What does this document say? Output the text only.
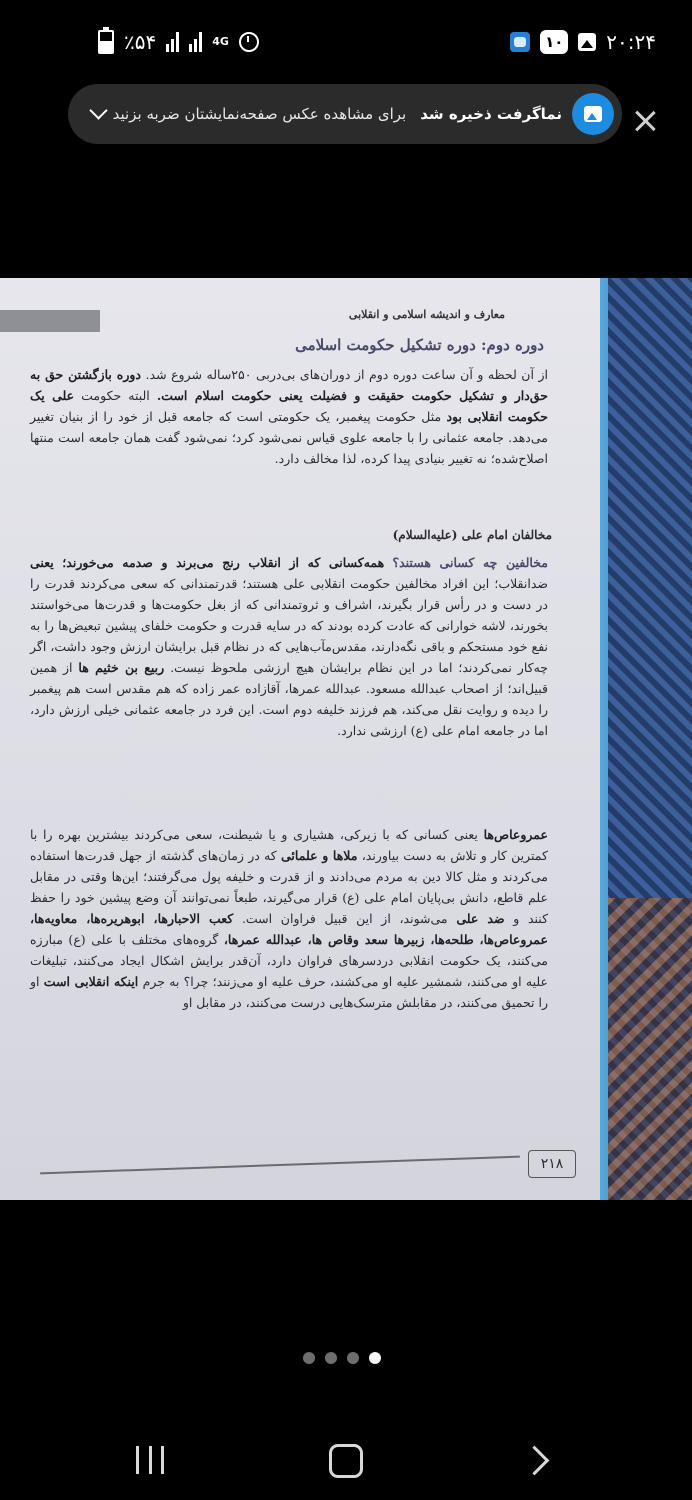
٪۵۴	4G	۱۰ ۲۰:۲۴
نماگرفت ذخیره شد
برای مشاهده عکس صفحه‌نمایشتان ضربه بزنید
معارف و اندیشه اسلامی و انقلابی
دوره دوم: دوره تشکیل حکومت اسلامی
از آن لحظه و آن ساعت دوره دوم از دوران‌های بی‌در‌بی ۲۵۰ساله شروع شد. دوره بازگشتن حق به حق‌دار و تشکیل حکومت حقیقت و فضیلت یعنی حکومت اسلام است. البته حکومت علی یک حکومت انقلابی بود مثل حکومت پیغمبر، یک حکومتی است که جامعه قبل از خود را از بنیان تغییر می‌دهد. جامعه عثمانی را با جامعه علوی قیاس نمی‌شود کرد؛ نمی‌شود گفت همان جامعه است منتها اصلاح‌شده؛ نه تغییر بنیادی پیدا کرده، لذا مخالف دارد.
مخالفان امام علی (علیه‌السلام)
مخالفین چه کسانی هستند؟ همه‌کسانی که از انقلاب رنج می‌برند و صدمه می‌خورند؛ یعنی ضدانقلاب؛ این افراد مخالفین حکومت انقلابی علی هستند؛ قدرتمندانی که سعی می‌کردند قدرت را در دست و در رأس قرار بگیرند، اشراف و ثروتمندانی که از بغل حکومت‌ها و قدرت‌ها می‌خواستند بخورند، لاشه خوارانی که عادت کرده بودند که در سایه قدرت و حکومت خلفای پیشین تبعیض‌ها را به نفع خود مستحکم و باقی نگه‌دارند، مقدس‌مآب‌هایی که در نظام قبل برایشان ارزش وجود داشت، اگر چه‌کار نمی‌کردند؛ اما در این نظام برایشان هیچ ارزشی ملحوظ نیست. ربیع بن خثیم ها از همین قبیل‌اند؛ از اصحاب عبدالله مسعود. عبدالله عمرها، آقازاده عمر زاده که هم مقدس است هم پیغمبر را دیده و روایت نقل می‌کند، هم فرزند خلیفه دوم است. این فرد در جامعه عثمانی خیلی ارزش دارد، اما در جامعه امام علی (ع) ارزشی ندارد.
عمروعاص‌ها یعنی کسانی که با زیرکی، هشیاری و یا شیطنت، سعی می‌کردند بیشترین بهره را با کمترین کار و تلاش به دست بیاورند، ملاها و علمائی که در زمان‌های گذشته از جهل قدرت‌ها استفاده می‌کردند و مثل کالا دین به مردم می‌دادند و از قدرت و خلیفه پول می‌گرفتند؛ این‌ها وقتی در مقابل علم قاطع، دانش بی‌پایان امام علی (ع) قرار می‌گیرند، طبعاً نمی‌توانند آن وضع پیشین خود را حفظ کنند و ضد علی می‌شوند، از این قبیل فراوان است. کعب الاحبارها، ابوهریره‌ها، معاویه‌ها، عمروعاص‌ها، طلحه‌ها، زبیرها سعد وقاص ها، عبدالله عمرها، گروه‌های مختلف با علی (ع) مبارزه می‌کنند، یک حکومت انقلابی دردسرهای فراوان دارد، آن‌قدر برایش اشکال ایجاد می‌کنند، تبلیغات علیه او می‌کنند، شمشیر علیه او می‌کشند، حرف علیه او می‌زنند؛ چرا؟ به جرم اینکه انقلابی است او را تحمیق می‌کنند، در مقابلش مترسک‌هایی درست می‌کنند، در مقابل او
۲۱۸
